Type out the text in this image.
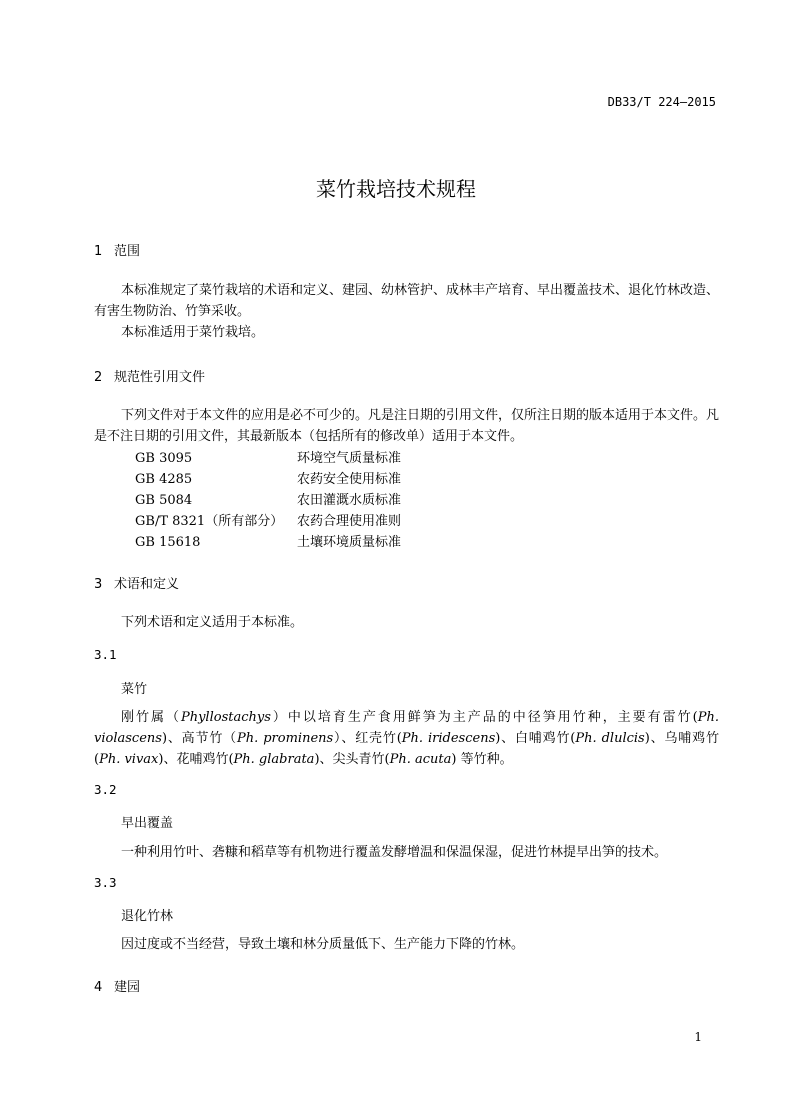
DB33/T 224—2015
菜竹栽培技术规程
1 范围
本标准规定了菜竹栽培的术语和定义、建园、幼林管护、成林丰产培育、早出覆盖技术、退化竹林改造、有害生物防治、竹笋采收。
本标准适用于菜竹栽培。
2 规范性引用文件
下列文件对于本文件的应用是必不可少的。凡是注日期的引用文件，仅所注日期的版本适用于本文件。凡是不注日期的引用文件，其最新版本（包括所有的修改单）适用于本文件。
GB 3095	环境空气质量标准
GB 4285	农药安全使用标准
GB 5084	农田灌溉水质标准
GB/T 8321（所有部分） 农药合理使用准则
GB 15618	土壤环境质量标准
3 术语和定义
下列术语和定义适用于本标准。
3.1
菜竹
刚竹属（Phyllostachys）中以培育生产食用鲜笋为主产品的中径笋用竹种，主要有雷竹(Ph. violascens)、高节竹（Ph. prominens）、红壳竹(Ph. iridescens)、白哺鸡竹(Ph. dlulcis)、乌哺鸡竹(Ph. vivax)、花哺鸡竹(Ph. glabrata)、尖头青竹(Ph. acuta) 等竹种。
3.2
早出覆盖
一种利用竹叶、砻糠和稻草等有机物进行覆盖发酵增温和保温保湿，促进竹林提早出笋的技术。
3.3
退化竹林
因过度或不当经营，导致土壤和林分质量低下、生产能力下降的竹林。
4 建园
1
